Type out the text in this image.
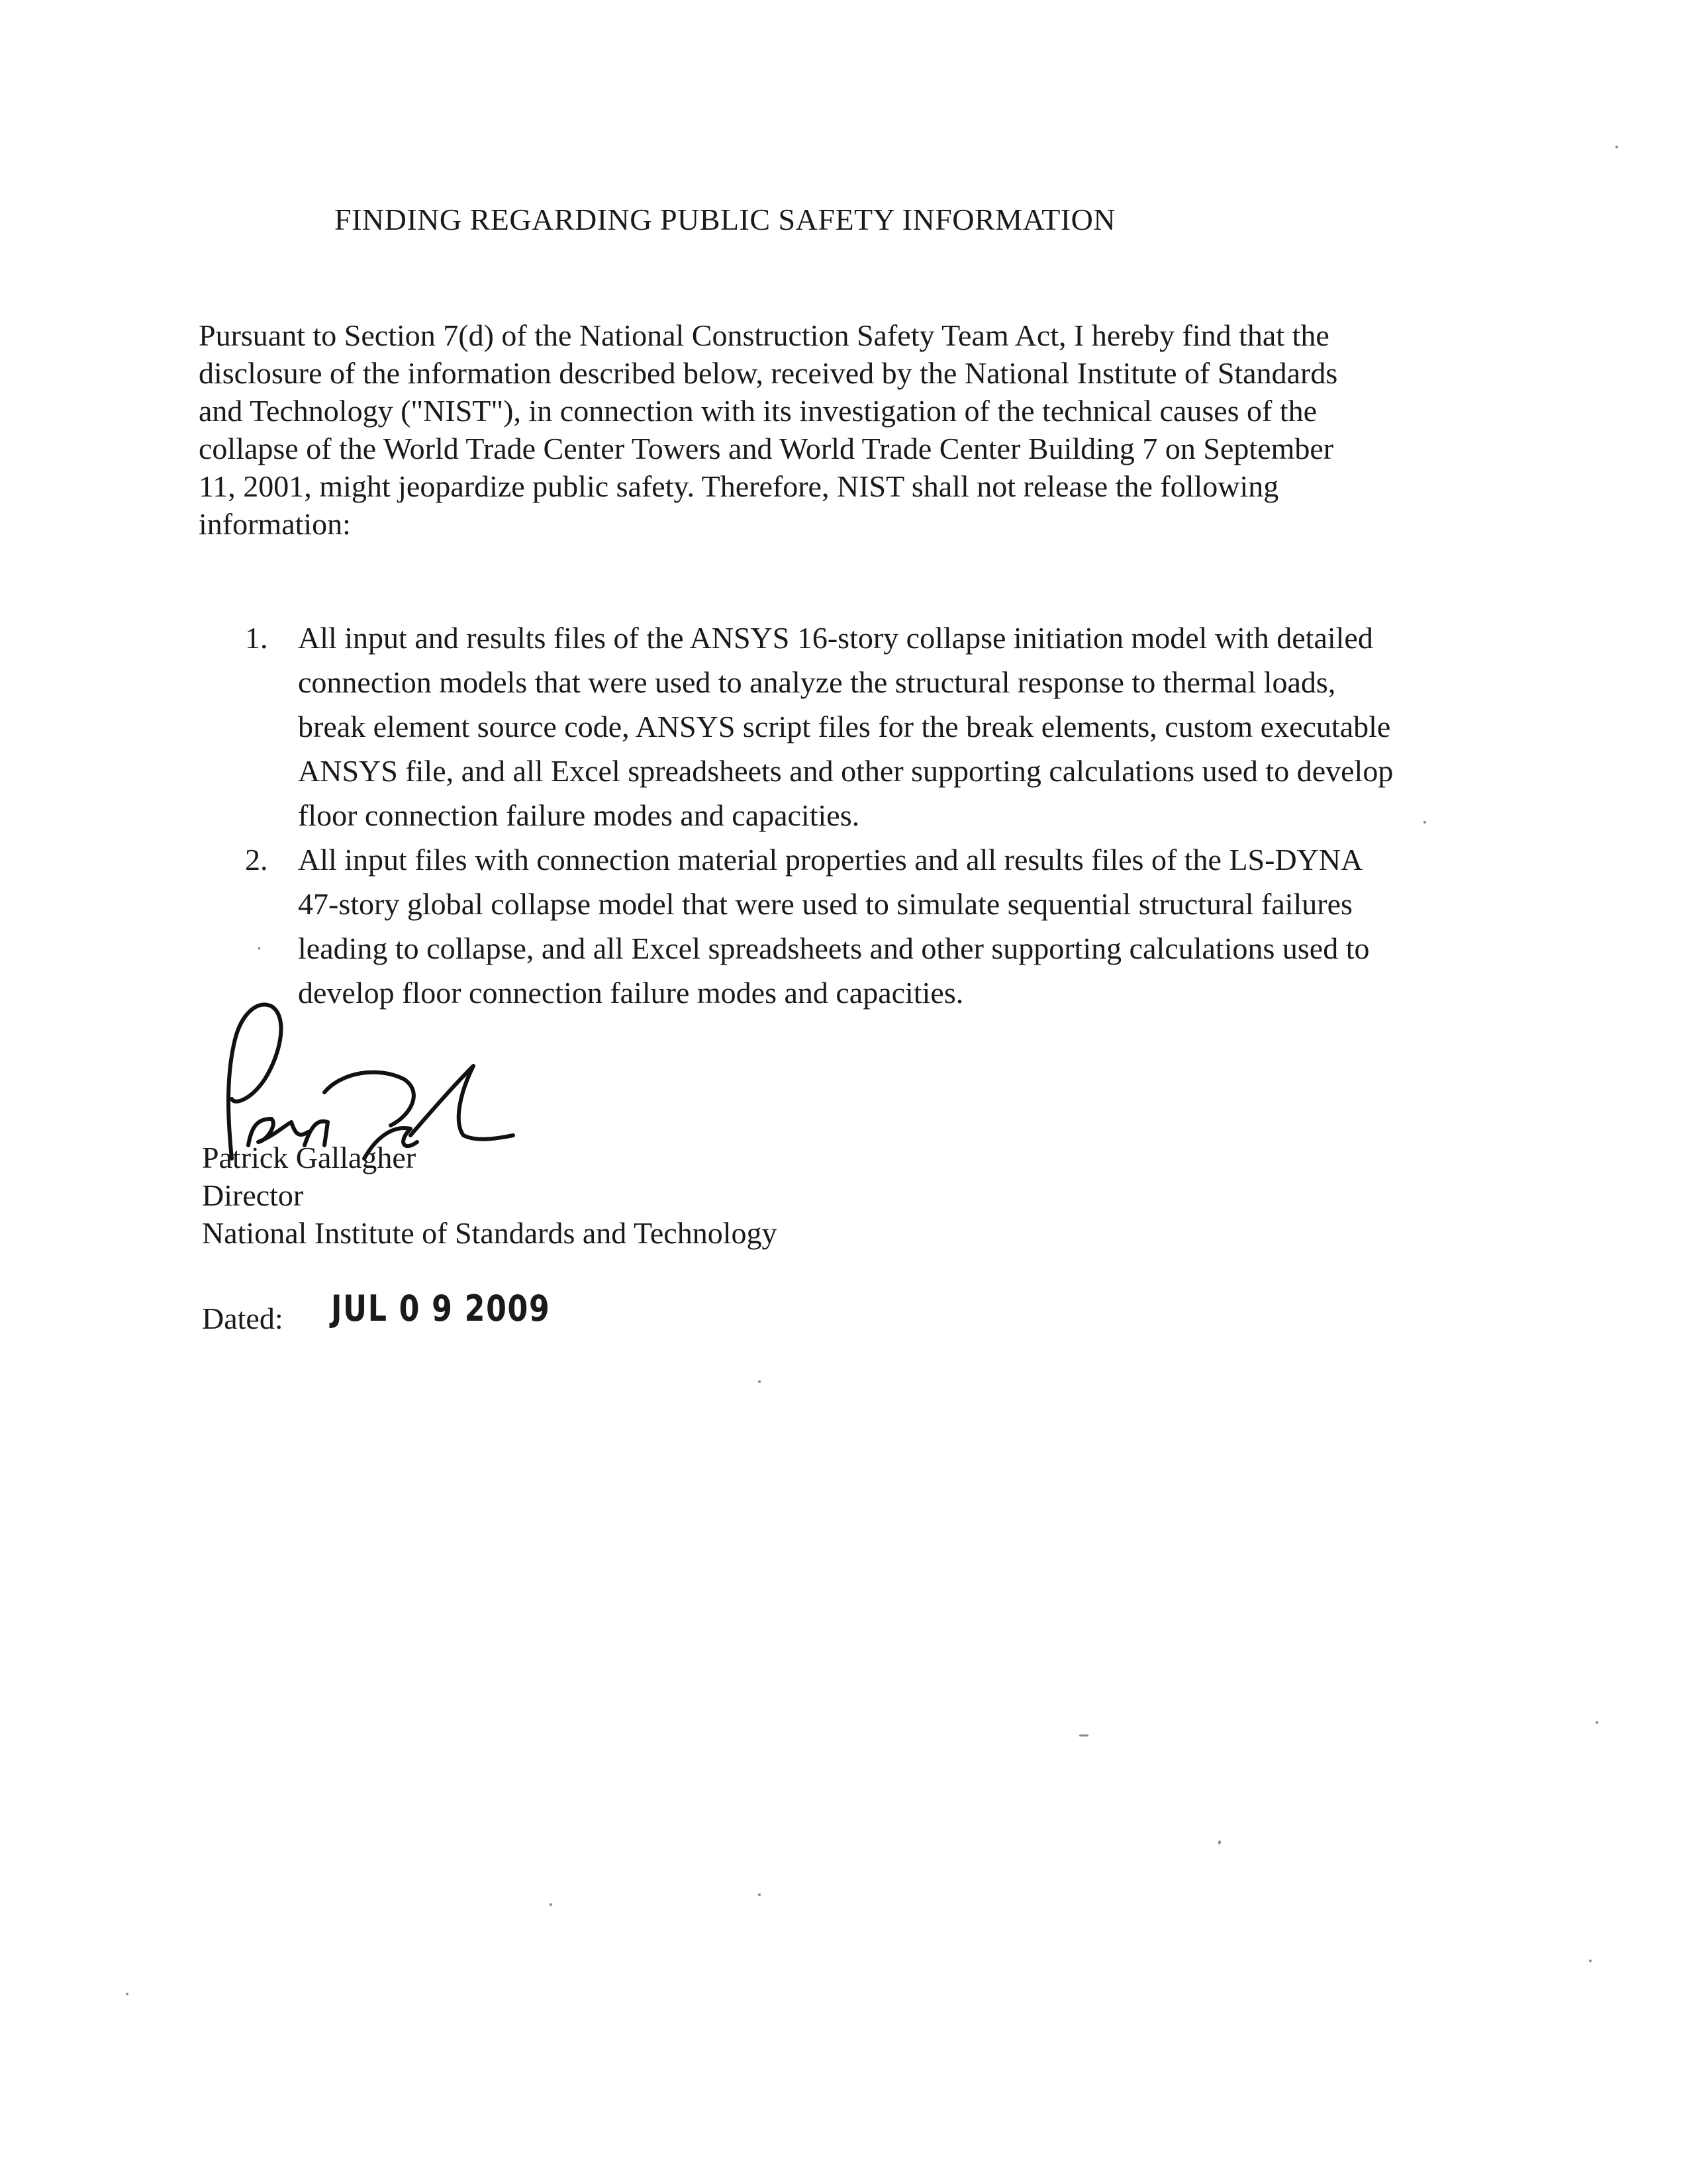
FINDING REGARDING PUBLIC SAFETY INFORMATION
Pursuant to Section 7(d) of the National Construction Safety Team Act, I hereby find that the
disclosure of the information described below, received by the National Institute of Standards
and Technology ("NIST"), in connection with its investigation of the technical causes of the
collapse of the World Trade Center Towers and World Trade Center Building 7 on September
11, 2001, might jeopardize public safety. Therefore, NIST shall not release the following
information:
1. All input and results files of the ANSYS 16-story collapse initiation model with detailed
connection models that were used to analyze the structural response to thermal loads,
break element source code, ANSYS script files for the break elements, custom executable
ANSYS file, and all Excel spreadsheets and other supporting calculations used to develop
floor connection failure modes and capacities.
2. All input files with connection material properties and all results files of the LS-DYNA
47-story global collapse model that were used to simulate sequential structural failures
leading to collapse, and all Excel spreadsheets and other supporting calculations used to
develop floor connection failure modes and capacities.
Patrick Gallagher
Director
National Institute of Standards and Technology
Dated: JUL 0 9 2009
